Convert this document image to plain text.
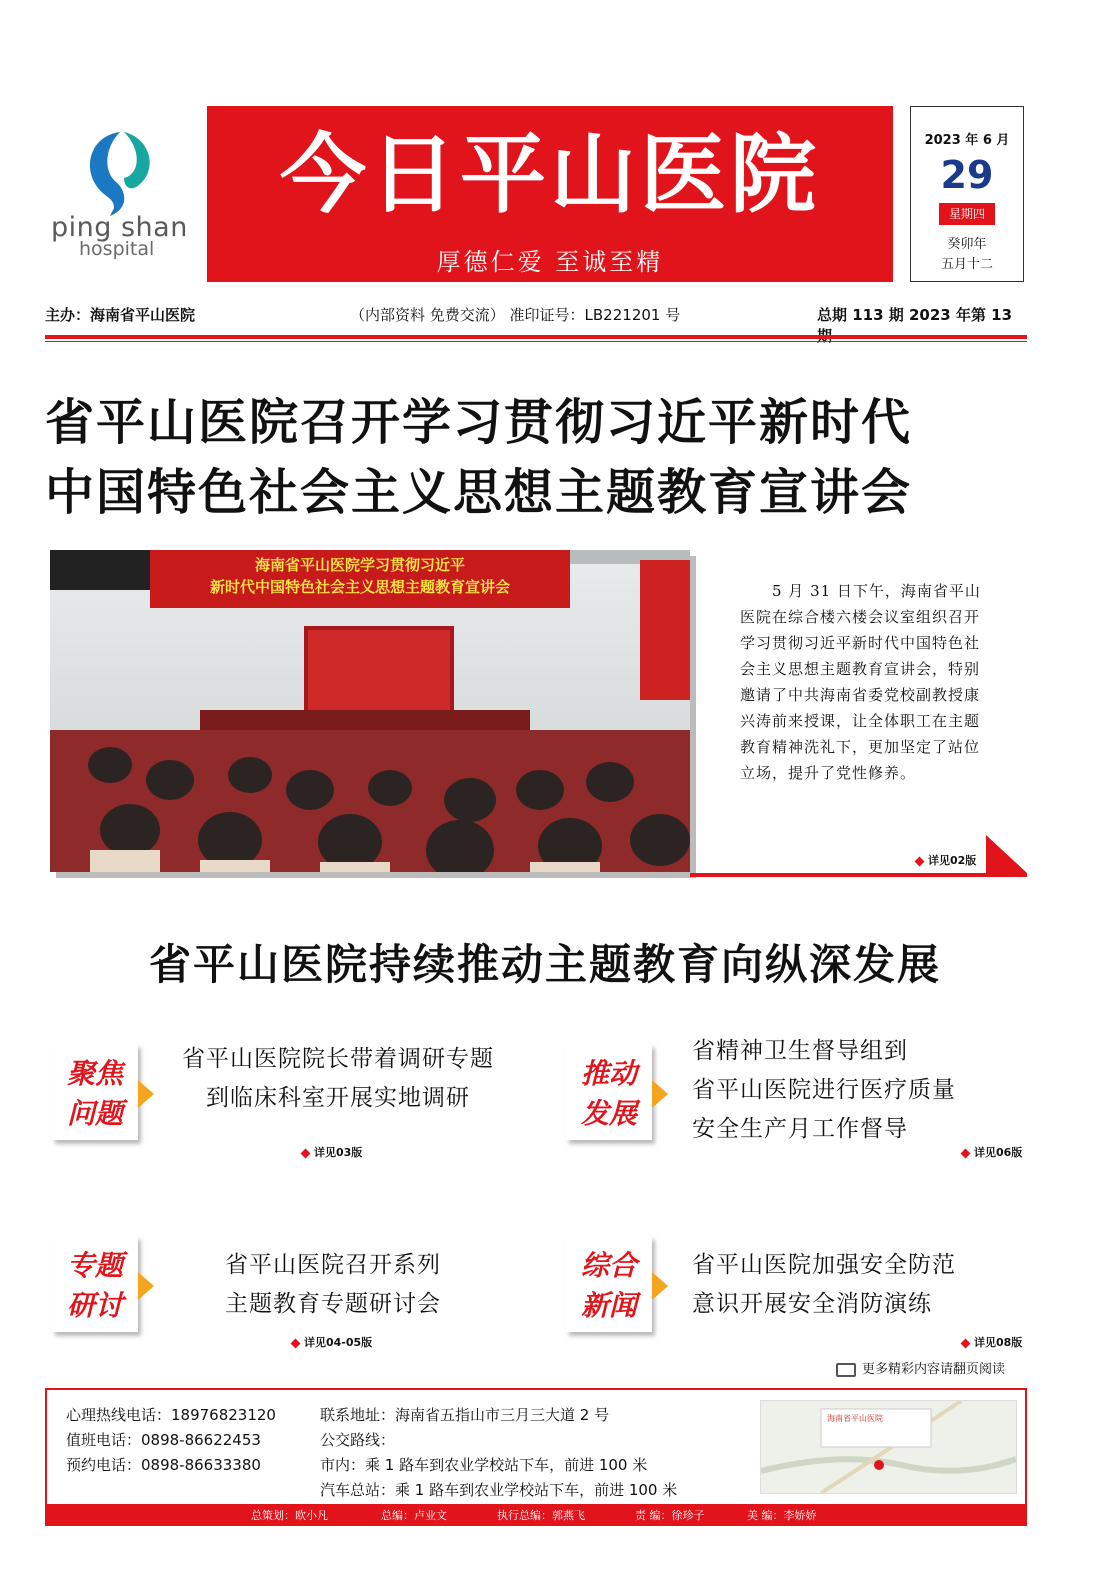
ping shan
hospital
今日平山医院
厚德仁爱 至诚至精
2023 年 6 月
29
星期四
癸卯年
五月十二
主办：海南省平山医院	（内部资料 免费交流） 准印证号：LB221201 号	总期 113 期 2023 年第 13
省平山医院召开学习贯彻习近平新时代
中国特色社会主义思想主题教育宣讲会
海南省平山医院学习贯彻习近平
新时代中国特色社会主义思想主题教育宣讲会	5 月 31 日下午，海南省平山医院在综合楼六楼会议室组织召开学习贯彻习近平新时代中国特色社会主义思想主题教育宣讲会，特别邀请了中共海南省委党校副教授康兴涛前来授课，让全体职工在主题教育精神洗礼下，更加坚定了站位立场，提升了党性修养。
详见02版
省平山医院持续推动主题教育向纵深发展
聚焦
问题
省平山医院院长带着调研专题
到临床科室开展实地调研
详见03版
推动
发展
省精神卫生督导组到
省平山医院进行医疗质量
安全生产月工作督导
详见06版
专题
研讨
省平山医院召开系列
主题教育专题研讨会
详见04-05版
综合
新闻
省平山医院加强安全防范
意识开展安全消防演练
详见08版
更多精彩内容请翻页阅读
心理热线电话：18976823120
值班电话：0898-86622453
预约电话：0898-86633380
联系地址：海南省五指山市三月三大道 2 号
公交路线：
市内：乘 1 路车到农业学校站下车，前进 100 米
汽车总站：乘 1 路车到农业学校站下车，前进 100 米
海南省平山医院
总策划：欧小凡	总编：卢业文	执行总编：郭燕飞	责 编：徐珍子	美 编：李娇娇
